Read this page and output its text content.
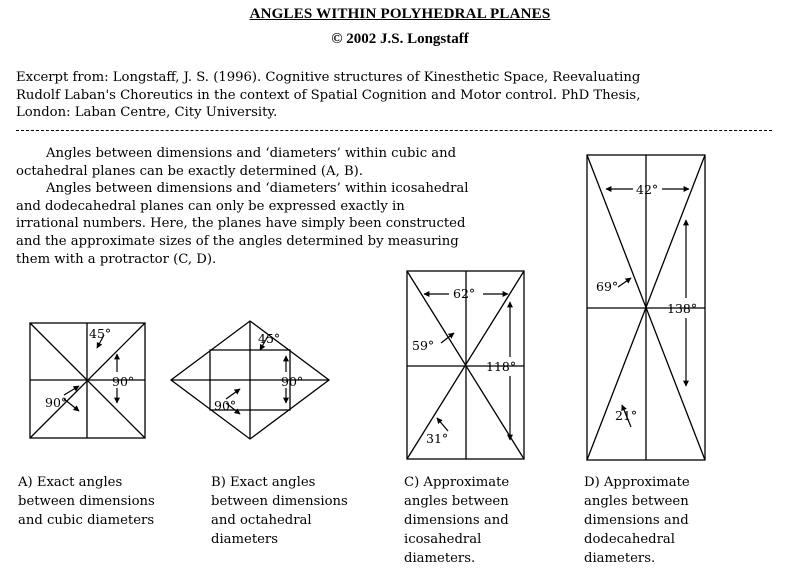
ANGLES WITHIN POLYHEDRAL PLANES
© 2002 J.S. Longstaff
Excerpt from: Longstaff, J. S. (1996). Cognitive structures of Kinesthetic Space, Reevaluating
Rudolf Laban's Choreutics in the context of Spatial Cognition and Motor control. PhD Thesis,
London: Laban Centre, City University.
Angles between dimensions and ‘diameters’ within cubic and
octahedral planes can be exactly determined (A, B).
Angles between dimensions and ‘diameters’ within icosahedral
and dodecahedral planes can only be expressed exactly in
irrational numbers. Here, the planes have simply been constructed
and the approximate sizes of the angles determined by measuring
them with a protractor (C, D).
45°
90°
90°
45°
90°
90°
62°
59°
118°
31°
42°
69°
138°
21°
A) Exact angles
between dimensions
and cubic diameters
B) Exact angles
between dimensions
and octahedral
diameters
C) Approximate
angles between
dimensions and
icosahedral
diameters.
D) Approximate
angles between
dimensions and
dodecahedral
diameters.
